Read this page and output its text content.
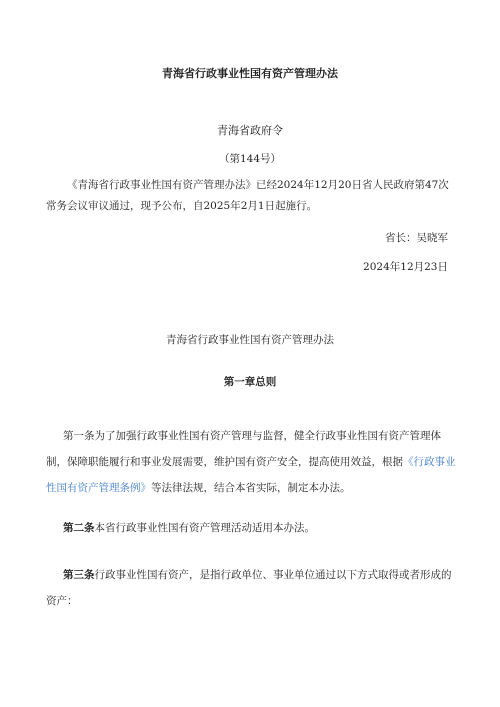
青海省行政事业性国有资产管理办法
青海省政府令
（第144号）

《青海省行政事业性国有资产管理办法》已经2024年12月20日省人民政府第47次常务会议审议通过，现予公布，自2025年2月1日起施行。

省长：吴晓军
2024年12月23日
青海省行政事业性国有资产管理办法
第一章总则

第一条为了加强行政事业性国有资产管理与监督，健全行政事业性国有资产管理体制，保障职能履行和事业发展需要，维护国有资产安全，提高使用效益，根据《行政事业性国有资产管理条例》等法律法规，结合本省实际，制定本办法。

第二条本省行政事业性国有资产管理活动适用本办法。

第三条行政事业性国有资产，是指行政单位、事业单位通过以下方式取得或者形成的资产：
